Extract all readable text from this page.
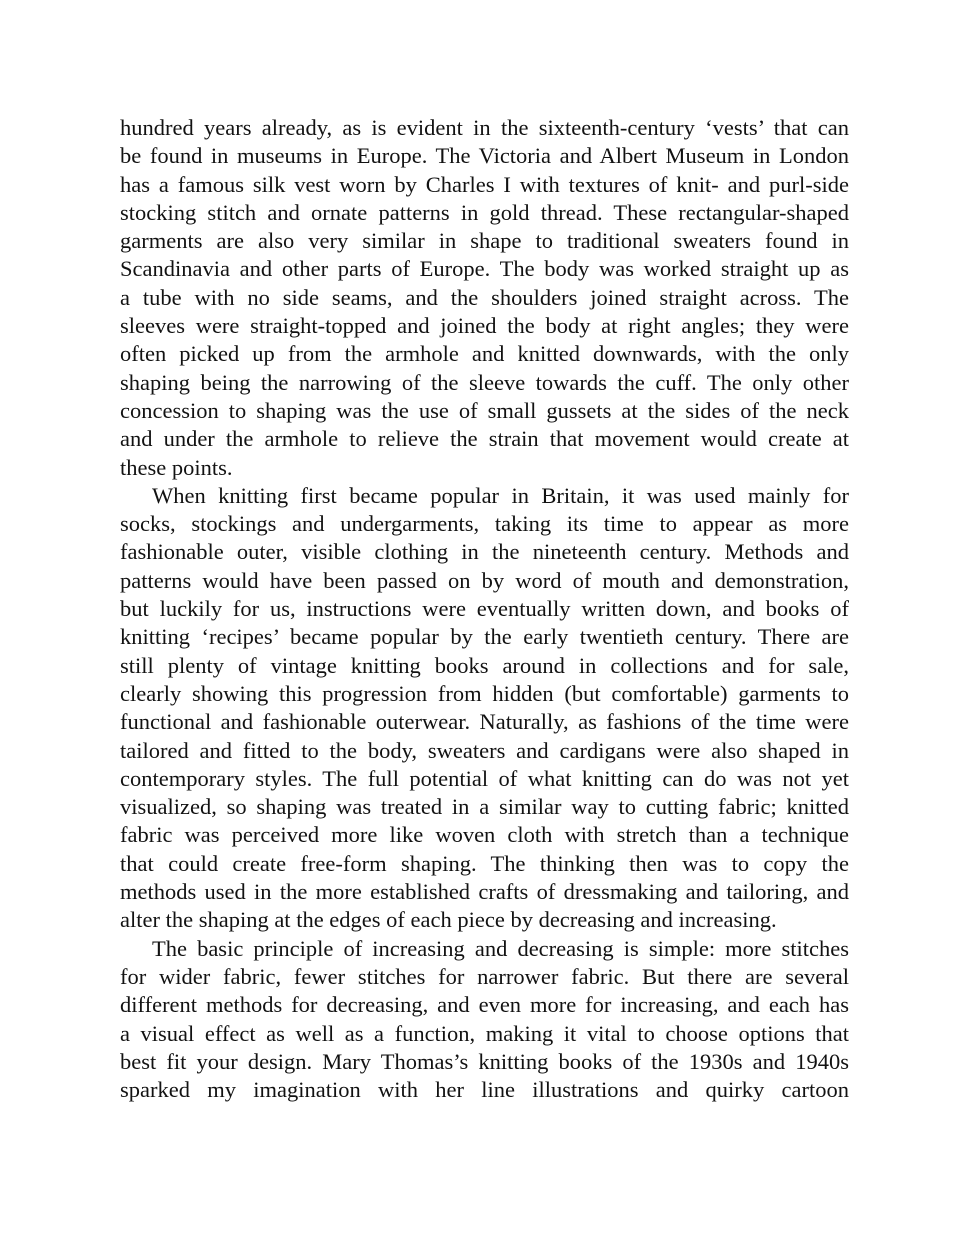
hundred years already, as is evident in the sixteenth-century ‘vests’ that can
be found in museums in Europe. The Victoria and Albert Museum in London
has a famous silk vest worn by Charles I with textures of knit- and purl-side
stocking stitch and ornate patterns in gold thread. These rectangular-shaped
garments are also very similar in shape to traditional sweaters found in
Scandinavia and other parts of Europe. The body was worked straight up as
a tube with no side seams, and the shoulders joined straight across. The
sleeves were straight-topped and joined the body at right angles; they were
often picked up from the armhole and knitted downwards, with the only
shaping being the narrowing of the sleeve towards the cuff. The only other
concession to shaping was the use of small gussets at the sides of the neck
and under the armhole to relieve the strain that movement would create at
these points.
When knitting first became popular in Britain, it was used mainly for
socks, stockings and undergarments, taking its time to appear as more
fashionable outer, visible clothing in the nineteenth century. Methods and
patterns would have been passed on by word of mouth and demonstration,
but luckily for us, instructions were eventually written down, and books of
knitting ‘recipes’ became popular by the early twentieth century. There are
still plenty of vintage knitting books around in collections and for sale,
clearly showing this progression from hidden (but comfortable) garments to
functional and fashionable outerwear. Naturally, as fashions of the time were
tailored and fitted to the body, sweaters and cardigans were also shaped in
contemporary styles. The full potential of what knitting can do was not yet
visualized, so shaping was treated in a similar way to cutting fabric; knitted
fabric was perceived more like woven cloth with stretch than a technique
that could create free-form shaping. The thinking then was to copy the
methods used in the more established crafts of dressmaking and tailoring, and
alter the shaping at the edges of each piece by decreasing and increasing.
The basic principle of increasing and decreasing is simple: more stitches
for wider fabric, fewer stitches for narrower fabric. But there are several
different methods for decreasing, and even more for increasing, and each has
a visual effect as well as a function, making it vital to choose options that
best fit your design. Mary Thomas’s knitting books of the 1930s and 1940s
sparked my imagination with her line illustrations and quirky cartoon
